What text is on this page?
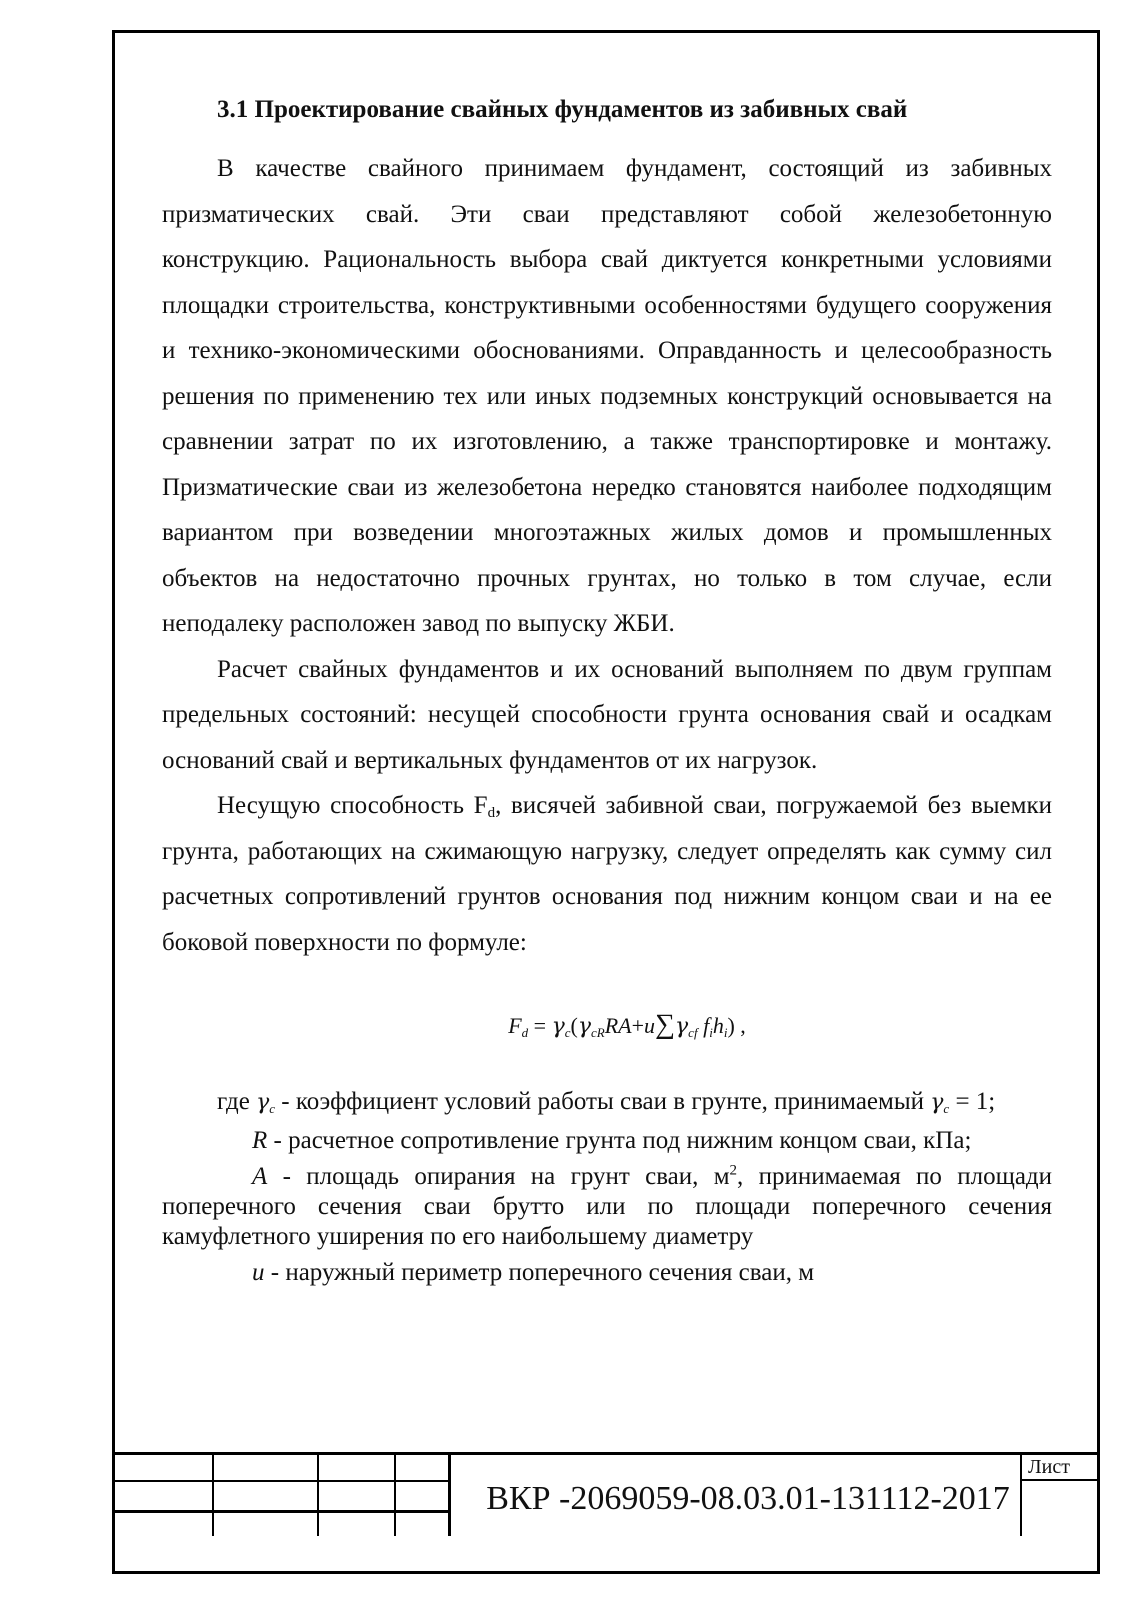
3.1 Проектирование свайных фундаментов из забивных свай

В качестве свайного принимаем фундамент, состоящий из забивных призматических свай. Эти сваи представляют собой железобетонную конструкцию. Рациональность выбора свай диктуется конкретными условиями площадки строительства, конструктивными особенностями будущего сооружения и технико-экономическими обоснованиями. Оправданность и целесообразность решения по применению тех или иных подземных конструкций основывается на сравнении затрат по их изготовлению, а также транспортировке и монтажу. Призматические сваи из железобетона нередко становятся наиболее подходящим вариантом при возведении многоэтажных жилых домов и промышленных объектов на недостаточно прочных грунтах, но только в том случае, если неподалеку расположен завод по выпуску ЖБИ.

Расчет свайных фундаментов и их оснований выполняем по двум группам предельных состояний: несущей способности грунта основания свай и осадкам оснований свай и вертикальных фундаментов от их нагрузок.

Несущую способность $F_d$, висячей забивной сваи, погружаемой без выемки грунта, работающих на сжимающую нагрузку, следует определять как сумму сил расчетных сопротивлений грунтов основания под нижним концом сваи и на ее боковой поверхности по формуле:

$F_d = \gamma_c(\gamma_{cR}RA+u\sum\gamma_{cf}$ $f_ih_i$) ,
где $\gamma_c$ - коэффициент условий работы сваи в грунте, принимаемый $\gamma_c = 1$;
R - расчетное сопротивление грунта под нижним концом сваи, кПа;
A - площадь опирания на грунт сваи, $м^2$, принимаемая по площади поперечного сечения сваи брутто или по площади поперечного сечения камуфлетного уширения по его наибольшему диаметру
u - наружный периметр поперечного сечения сваи, м
Лист
ВКР -2069059-08.03.01-131112-2017
